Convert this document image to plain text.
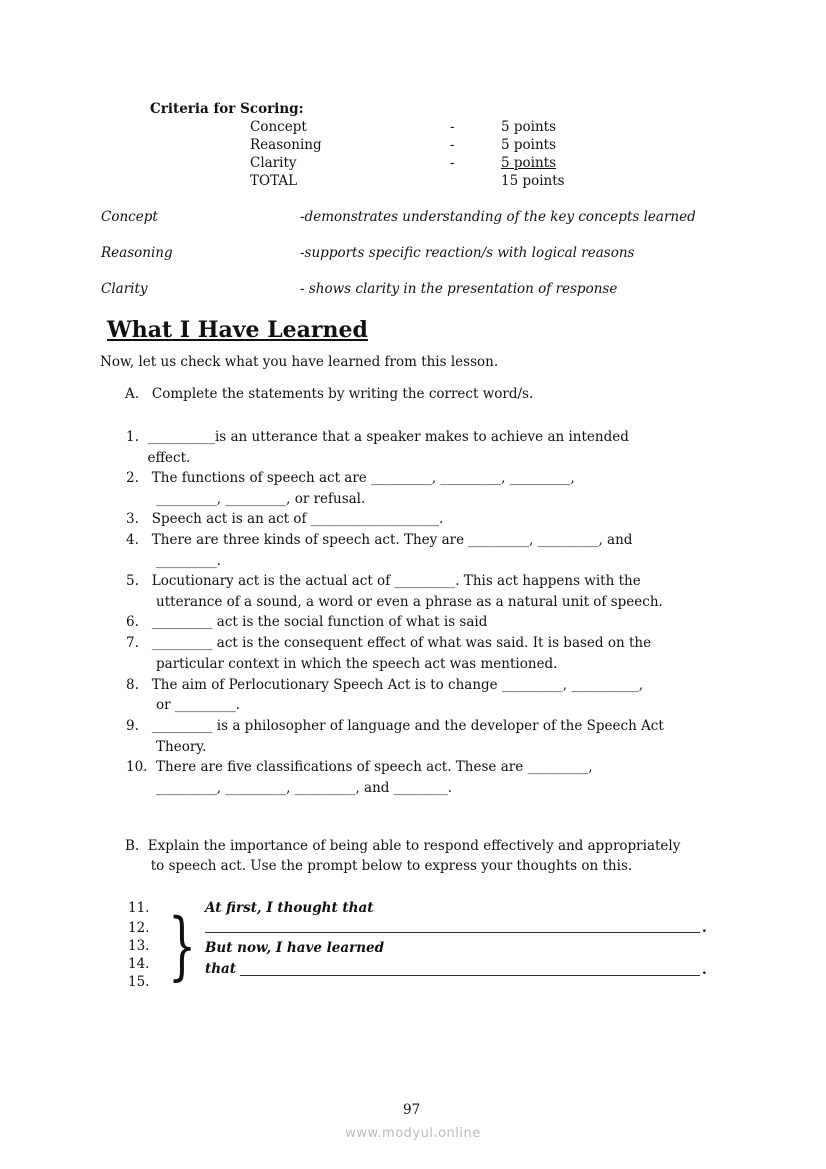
Criteria for Scoring:
Concept	-	5 points
Reasoning	-	5 points
Clarity	-	5 points
TOTAL	15 points
Concept	-demonstrates understanding of the key concepts learned
Reasoning	-supports specific reaction/s with logical reasons
Clarity	- shows clarity in the presentation of response
What I Have Learned
Now, let us check what you have learned from this lesson.
A.   Complete the statements by writing the correct word/s.
1.  __________is an utterance that a speaker makes to achieve an intended
effect.
2.   The functions of speech act are _________, _________, _________,
_________, _________, or refusal.
3.   Speech act is an act of ___________________.
4.   There are three kinds of speech act. They are _________, _________, and
_________.
5.   Locutionary act is the actual act of _________. This act happens with the
utterance of a sound, a word or even a phrase as a natural unit of speech.
6.   _________ act is the social function of what is said
7.   _________ act is the consequent effect of what was said. It is based on the
particular context in which the speech act was mentioned.
8.   The aim of Perlocutionary Speech Act is to change _________, __________,
or _________.
9.   _________ is a philosopher of language and the developer of the Speech Act
Theory.
10.  There are five classifications of speech act. These are _________,
_________, _________, _________, and ________.
B.  Explain the importance of being able to respond effectively and appropriately
to speech act. Use the prompt below to express your thoughts on this.
11.
12.
13.
14.
15. } At first, I thought that
.
But now, I have learned
that	.
97
www.modyul.online
